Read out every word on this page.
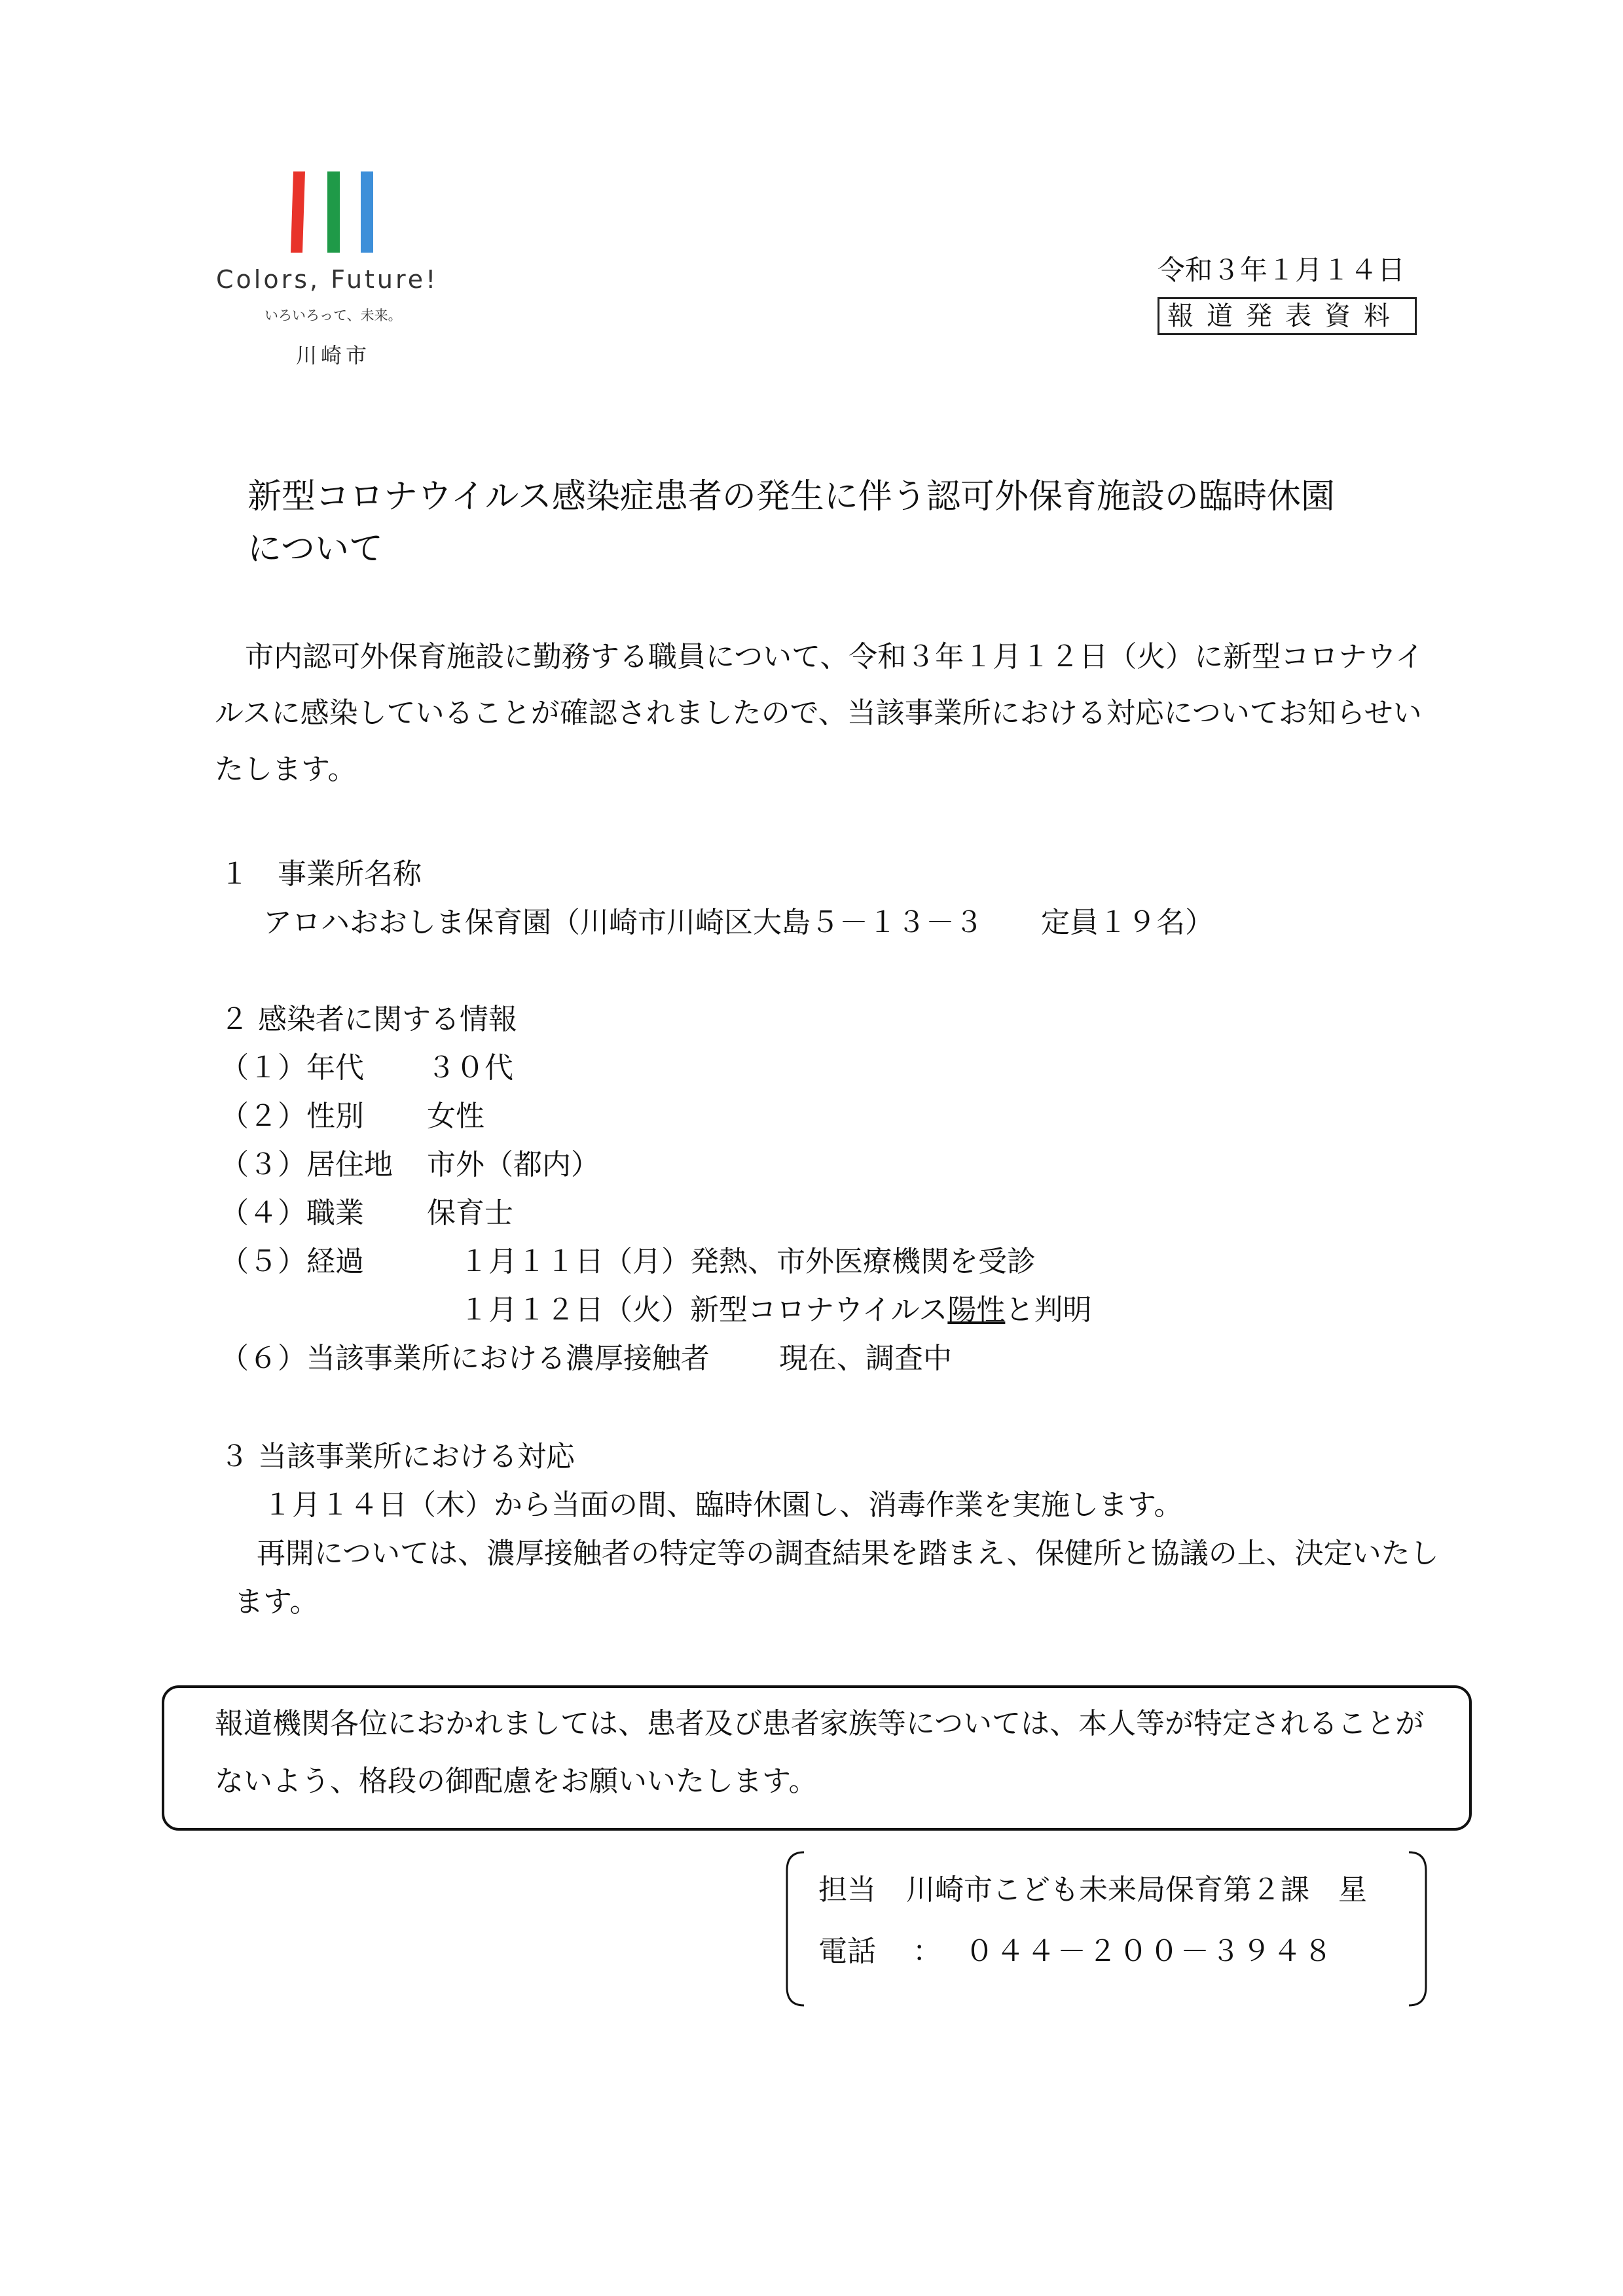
Colors, Future!
いろいろって、未来。
川崎市
令和３年１月１４日
報道発表資料
新型コロナウイルス感染症患者の発生に伴う認可外保育施設の臨時休園
について
市内認可外保育施設に勤務する職員について、令和３年１月１２日（火）に新型コロナウイ
ルスに感染していることが確認されましたので、当該事業所における対応についてお知らせい
たします。
１　事業所名称
アロハおおしま保育園（川崎市川崎区大島５－１３－３　　定員１９名）
２ 感染者に関する情報
（１）年代 ３０代
（２）性別 女性
（３）居住地 市外（都内）
（４）職業 保育士
（５）経過	１月１１日（月）発熱、市外医療機関を受診
１月１２日（火）新型コロナウイルス陽性と判明
（６）当該事業所における濃厚接触者 現在、調査中
３ 当該事業所における対応
１月１４日（木）から当面の間、臨時休園し、消毒作業を実施します。
再開については、濃厚接触者の特定等の調査結果を踏まえ、保健所と協議の上、決定いたし
ます。
報道機関各位におかれましては、患者及び患者家族等については、本人等が特定されることが
ないよう、格段の御配慮をお願いいたします。
担当 川崎市こども未来局保育第２課　星
電話 ： ０４４－２００－３９４８
